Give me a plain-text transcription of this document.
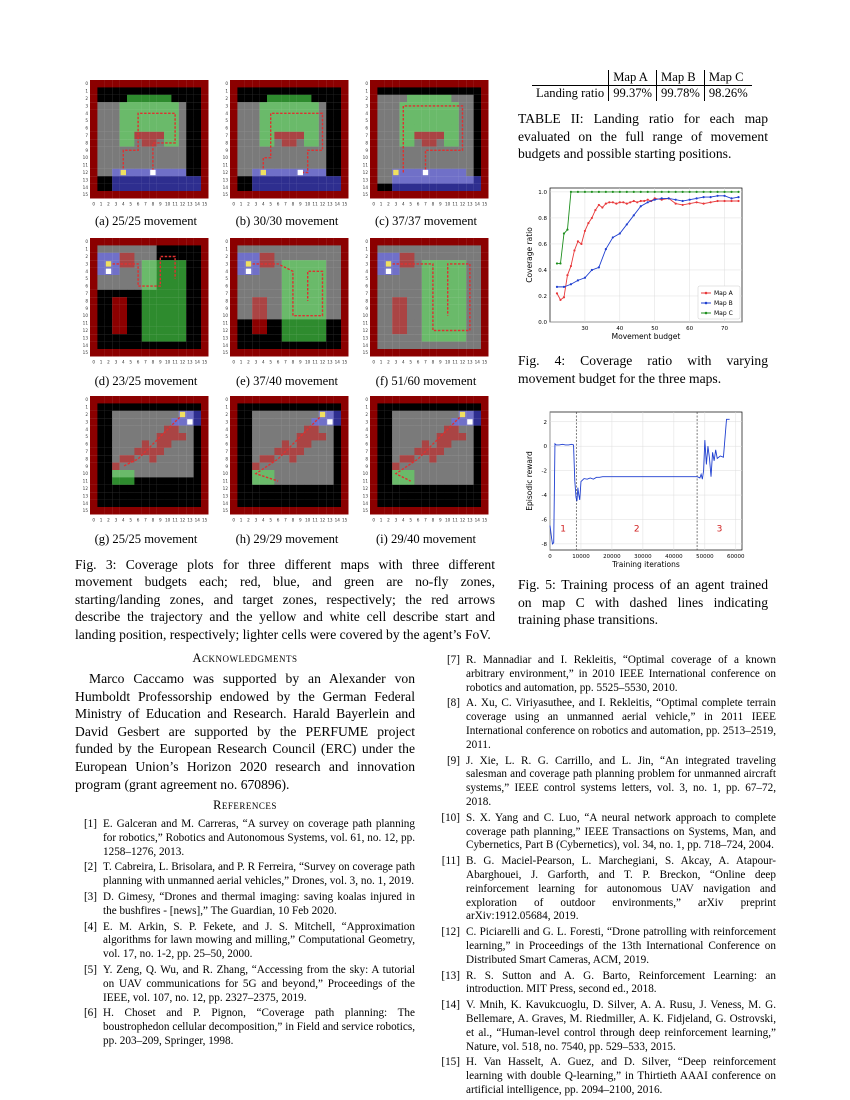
0
0
1
1
2
2
3
3
4
4
5
5
6
6
7
7
8
8
9
9
10
10
11
11
12
12
13
13
14
14
15
15
0
0
1
1
2
2
3
3
4
4
5
5
6
6
7
7
8
8
9
9
10
10
11
11
12
12
13
13
14
14
15
15
0
0
1
1
2
2
3
3
4
4
5
5
6
6
7
7
8
8
9
9
10
10
11
11
12
12
13
13
14
14
15
15
0
0
1
1
2
2
3
3
4
4
5
5
6
6
7
7
8
8
9
9
10
10
11
11
12
12
13
13
14
14
15
15
0
0
1
1
2
2
3
3
4
4
5
5
6
6
7
7
8
8
9
9
10
10
11
11
12
12
13
13
14
14
15
15
0
0
1
1
2
2
3
3
4
4
5
5
6
6
7
7
8
8
9
9
10
10
11
11
12
12
13
13
14
14
15
15
0
0
1
1
2
2
3
3
4
4
5
5
6
6
7
7
8
8
9
9
10
10
11
11
12
12
13
13
14
14
15
15
0
0
1
1
2
2
3
3
4
4
5
5
6
6
7
7
8
8
9
9
10
10
11
11
12
12
13
13
14
14
15
15
0
0
1
1
2
2
3
3
4
4
5
5
6
6
7
7
8
8
9
9
10
10
11
11
12
12
13
13
14
14
15
15
(a) 25/25 movement	(b) 30/30 movement	(c) 37/37 movement
(d) 23/25 movement	(e) 37/40 movement	(f) 51/60 movement
(g) 25/25 movement	(h) 29/29 movement	(i) 29/40 movement
Fig. 3: Coverage plots for three different maps with three different movement budgets each; red, blue, and green are no-fly zones, starting/landing zones, and target zones, respectively; the red arrows describe the trajectory and the yellow and white cell describe start and landing position, respectively; lighter cells were covered by the agent’s FoV.
	Map A	Map B	Map C
Landing ratio	99.37%	99.78%	98.26%
TABLE II: Landing ratio for each map evaluated on the full range of movement budgets and possible starting positions.
30	40	50	60	70
0.0
0.2
0.4
0.6
0.8
1.0
Movement budget
Coverage ratio
Map A
Map B
Map C
Fig. 4: Coverage ratio with varying movement budget for the three maps.
0	10000 20000 30000 40000 50000 60000
-8
-6
-4
-2
0
2
Training iterations
Episodic reward
1	2	3
Fig. 5: Training process of an agent trained on map C with dashed lines indicating training phase transitions.
Acknowledgments
Marco Caccamo was supported by an Alexander von Humboldt Professorship endowed by the German Federal Ministry of Education and Research. Harald Bayerlein and David Gesbert are supported by the PERFUME project funded by the European Research Council (ERC) under the European Union’s Horizon 2020 research and innovation program (grant agreement no. 670896).
References
[1] E. Galceran and M. Carreras, “A survey on coverage path planning for robotics,” Robotics and Autonomous Systems, vol. 61, no. 12, pp. 1258–1276, 2013.
[2] T. Cabreira, L. Brisolara, and P. R Ferreira, “Survey on coverage path planning with unmanned aerial vehicles,” Drones, vol. 3, no. 1, 2019.
[3] D. Gimesy, “Drones and thermal imaging: saving koalas injured in the bushfires - [news],” The Guardian, 10 Feb 2020.
[4] E. M. Arkin, S. P. Fekete, and J. S. Mitchell, “Approximation algorithms for lawn mowing and milling,” Computational Geometry, vol. 17, no. 1-2, pp. 25–50, 2000.
[5] Y. Zeng, Q. Wu, and R. Zhang, “Accessing from the sky: A tutorial on UAV communications for 5G and beyond,” Proceedings of the IEEE, vol. 107, no. 12, pp. 2327–2375, 2019.
[6] H. Choset and P. Pignon, “Coverage path planning: The boustrophedon cellular decomposition,” in Field and service robotics, pp. 203–209, Springer, 1998.
[7] R. Mannadiar and I. Rekleitis, “Optimal coverage of a known arbitrary environment,” in 2010 IEEE International conference on robotics and automation, pp. 5525–5530, 2010.
[8] A. Xu, C. Viriyasuthee, and I. Rekleitis, “Optimal complete terrain coverage using an unmanned aerial vehicle,” in 2011 IEEE International conference on robotics and automation, pp. 2513–2519, 2011.
[9] J. Xie, L. R. G. Carrillo, and L. Jin, “An integrated traveling salesman and coverage path planning problem for unmanned aircraft systems,” IEEE control systems letters, vol. 3, no. 1, pp. 67–72, 2018.
[10] S. X. Yang and C. Luo, “A neural network approach to complete coverage path planning,” IEEE Transactions on Systems, Man, and Cybernetics, Part B (Cybernetics), vol. 34, no. 1, pp. 718–724, 2004.
[11] B. G. Maciel-Pearson, L. Marchegiani, S. Akcay, A. Atapour-Abarghouei, J. Garforth, and T. P. Breckon, “Online deep reinforcement learning for autonomous UAV navigation and exploration of outdoor environments,” arXiv preprint arXiv:1912.05684, 2019.
[12] C. Piciarelli and G. L. Foresti, “Drone patrolling with reinforcement learning,” in Proceedings of the 13th International Conference on Distributed Smart Cameras, ACM, 2019.
[13] R. S. Sutton and A. G. Barto, Reinforcement Learning: an introduction. MIT Press, second ed., 2018.
[14] V. Mnih, K. Kavukcuoglu, D. Silver, A. A. Rusu, J. Veness, M. G. Bellemare, A. Graves, M. Riedmiller, A. K. Fidjeland, G. Ostrovski, et al., “Human-level control through deep reinforcement learning,” Nature, vol. 518, no. 7540, pp. 529–533, 2015.
[15] H. Van Hasselt, A. Guez, and D. Silver, “Deep reinforcement learning with double Q-learning,” in Thirtieth AAAI conference on artificial intelligence, pp. 2094–2100, 2016.
